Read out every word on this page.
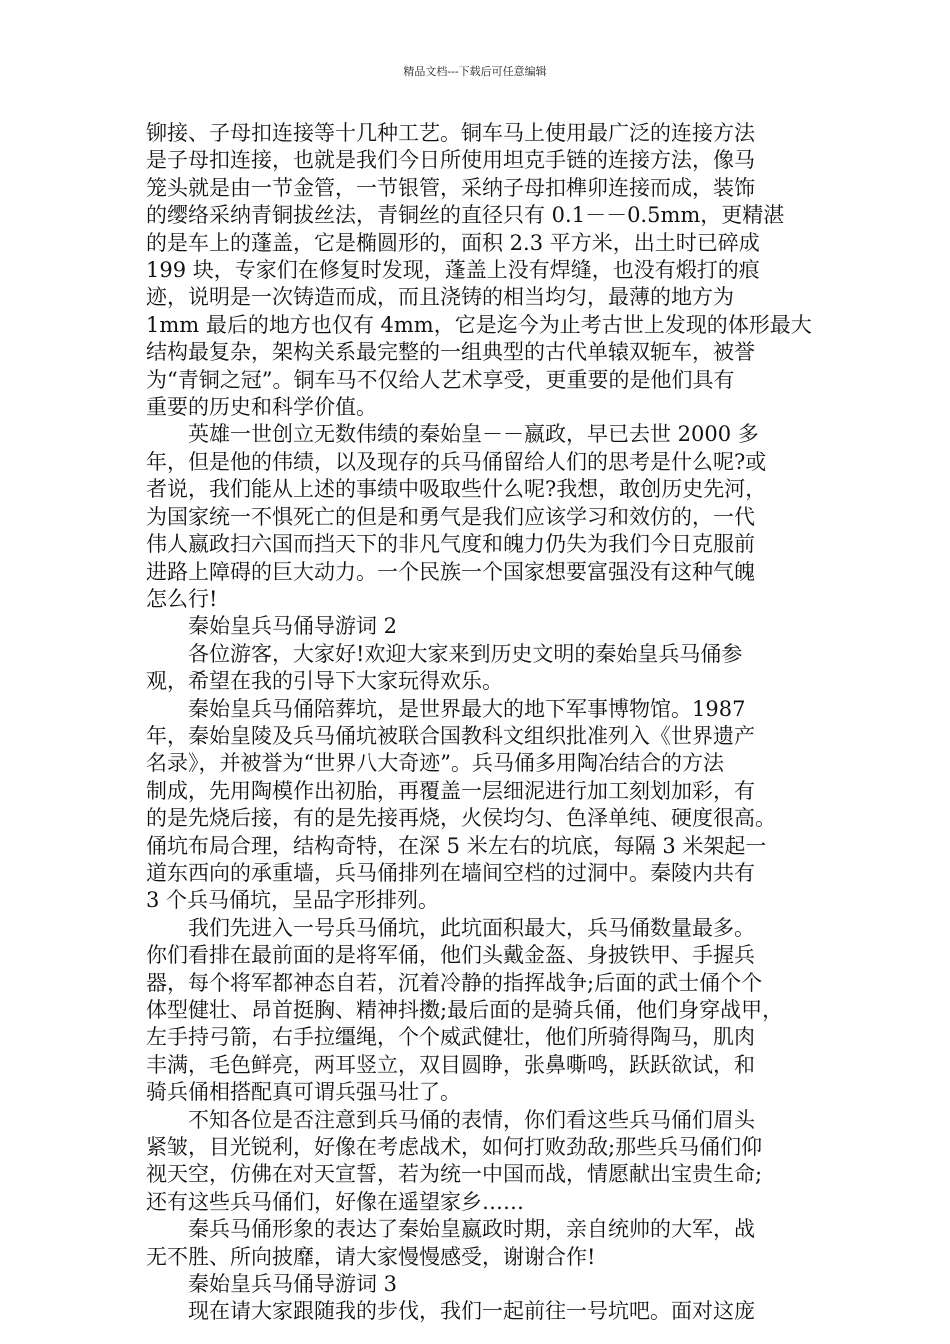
精品文档---下载后可任意编辑
铆接、子母扣连接等十几种工艺。铜车马上使用最广泛的连接方法
是子母扣连接，也就是我们今日所使用坦克手链的连接方法，像马
笼头就是由一节金管，一节银管，采纳子母扣榫卯连接而成，装饰
的缨络采纳青铜拔丝法，青铜丝的直径只有 0.1－－0.5mm，更精湛
的是车上的蓬盖，它是椭圆形的，面积 2.3 平方米，出土时已碎成
199 块，专家们在修复时发现，蓬盖上没有焊缝，也没有煅打的痕
迹，说明是一次铸造而成，而且浇铸的相当均匀，最薄的地方为
1mm 最后的地方也仅有 4mm，它是迄今为止考古世上发现的体形最大
结构最复杂，架构关系最完整的一组典型的古代单辕双轭车，被誉
为“青铜之冠”。铜车马不仅给人艺术享受，更重要的是他们具有
重要的历史和科学价值。
　　英雄一世创立无数伟绩的秦始皇－－嬴政，早已去世 2000 多
年，但是他的伟绩，以及现存的兵马俑留给人们的思考是什么呢?或
者说，我们能从上述的事绩中吸取些什么呢?我想，敢创历史先河，
为国家统一不惧死亡的但是和勇气是我们应该学习和效仿的，一代
伟人嬴政扫六国而挡天下的非凡气度和魄力仍失为我们今日克服前
进路上障碍的巨大动力。一个民族一个国家想要富强没有这种气魄
怎么行!
　　秦始皇兵马俑导游词 2
　　各位游客，大家好!欢迎大家来到历史文明的秦始皇兵马俑参
观，希望在我的引导下大家玩得欢乐。
　　秦始皇兵马俑陪葬坑，是世界最大的地下军事博物馆。1987
年，秦始皇陵及兵马俑坑被联合国教科文组织批准列入《世界遗产
名录》，并被誉为“世界八大奇迹”。兵马俑多用陶冶结合的方法
制成，先用陶模作出初胎，再覆盖一层细泥进行加工刻划加彩，有
的是先烧后接，有的是先接再烧，火侯均匀、色泽单纯、硬度很高。
俑坑布局合理，结构奇特，在深 5 米左右的坑底，每隔 3 米架起一
道东西向的承重墙，兵马俑排列在墙间空档的过洞中。秦陵内共有
3 个兵马俑坑，呈品字形排列。
　　我们先进入一号兵马俑坑，此坑面积最大，兵马俑数量最多。
你们看排在最前面的是将军俑，他们头戴金盔、身披铁甲、手握兵
器，每个将军都神态自若，沉着冷静的指挥战争;后面的武士俑个个
体型健壮、昂首挺胸、精神抖擞;最后面的是骑兵俑，他们身穿战甲，
左手持弓箭，右手拉缰绳，个个威武健壮，他们所骑得陶马，肌肉
丰满，毛色鲜亮，两耳竖立，双目圆睁，张鼻嘶鸣，跃跃欲试，和
骑兵俑相搭配真可谓兵强马壮了。
　　不知各位是否注意到兵马俑的表情，你们看这些兵马俑们眉头
紧皱，目光锐利，好像在考虑战术，如何打败劲敌;那些兵马俑们仰
视天空，仿佛在对天宣誓，若为统一中国而战，情愿献出宝贵生命;
还有这些兵马俑们，好像在遥望家乡……
　　秦兵马俑形象的表达了秦始皇嬴政时期，亲自统帅的大军，战
无不胜、所向披靡，请大家慢慢感受，谢谢合作!
　　秦始皇兵马俑导游词 3
　　现在请大家跟随我的步伐，我们一起前往一号坑吧。面对这庞
